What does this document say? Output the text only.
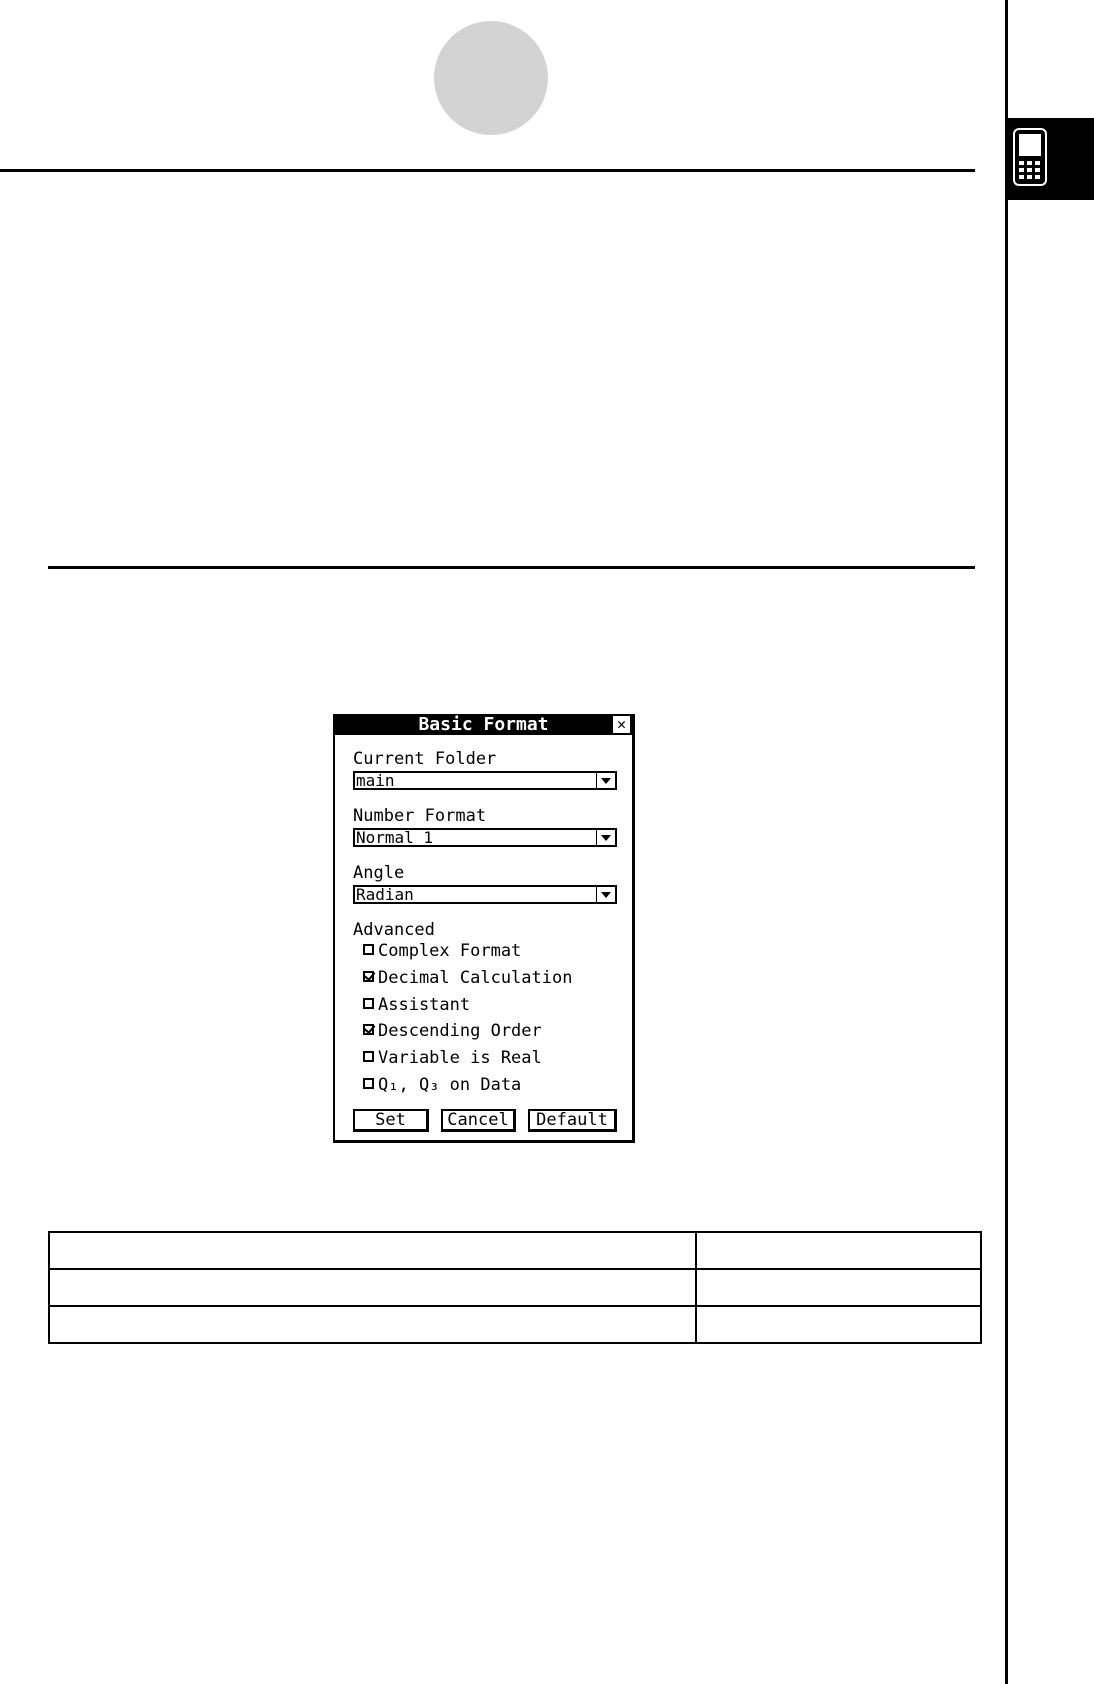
Basic Format	✕
Current Folder
main
Number Format
Normal 1
Angle
Radian
Advanced
Complex Format
Decimal Calculation
Assistant
Descending Order
Variable is Real
Q₁, Q₃ on Data
Set	Cancel	Default
